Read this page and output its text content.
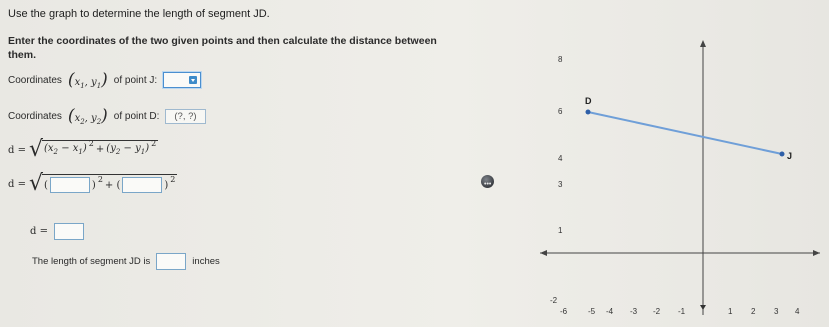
Use the graph to determine the length of segment JD.
Enter the coordinates of the two given points and then calculate the distance between
them.
Coordinates ($x_1$, $y_1$) of point J:
Coordinates ($x_2$, $y_2$) of point D:	(?, ?)
d = √ $(x_2 - x_1)$ 2
+ $(y_2 - y_1)$ 2
d = √ (	)
2
+ (	)
2
d =
The length of segment JD is	inches
•••
8
6
4
3
1
-2
-6	-5 -4 -3 -2 -1	1 2 3 4
D
J
